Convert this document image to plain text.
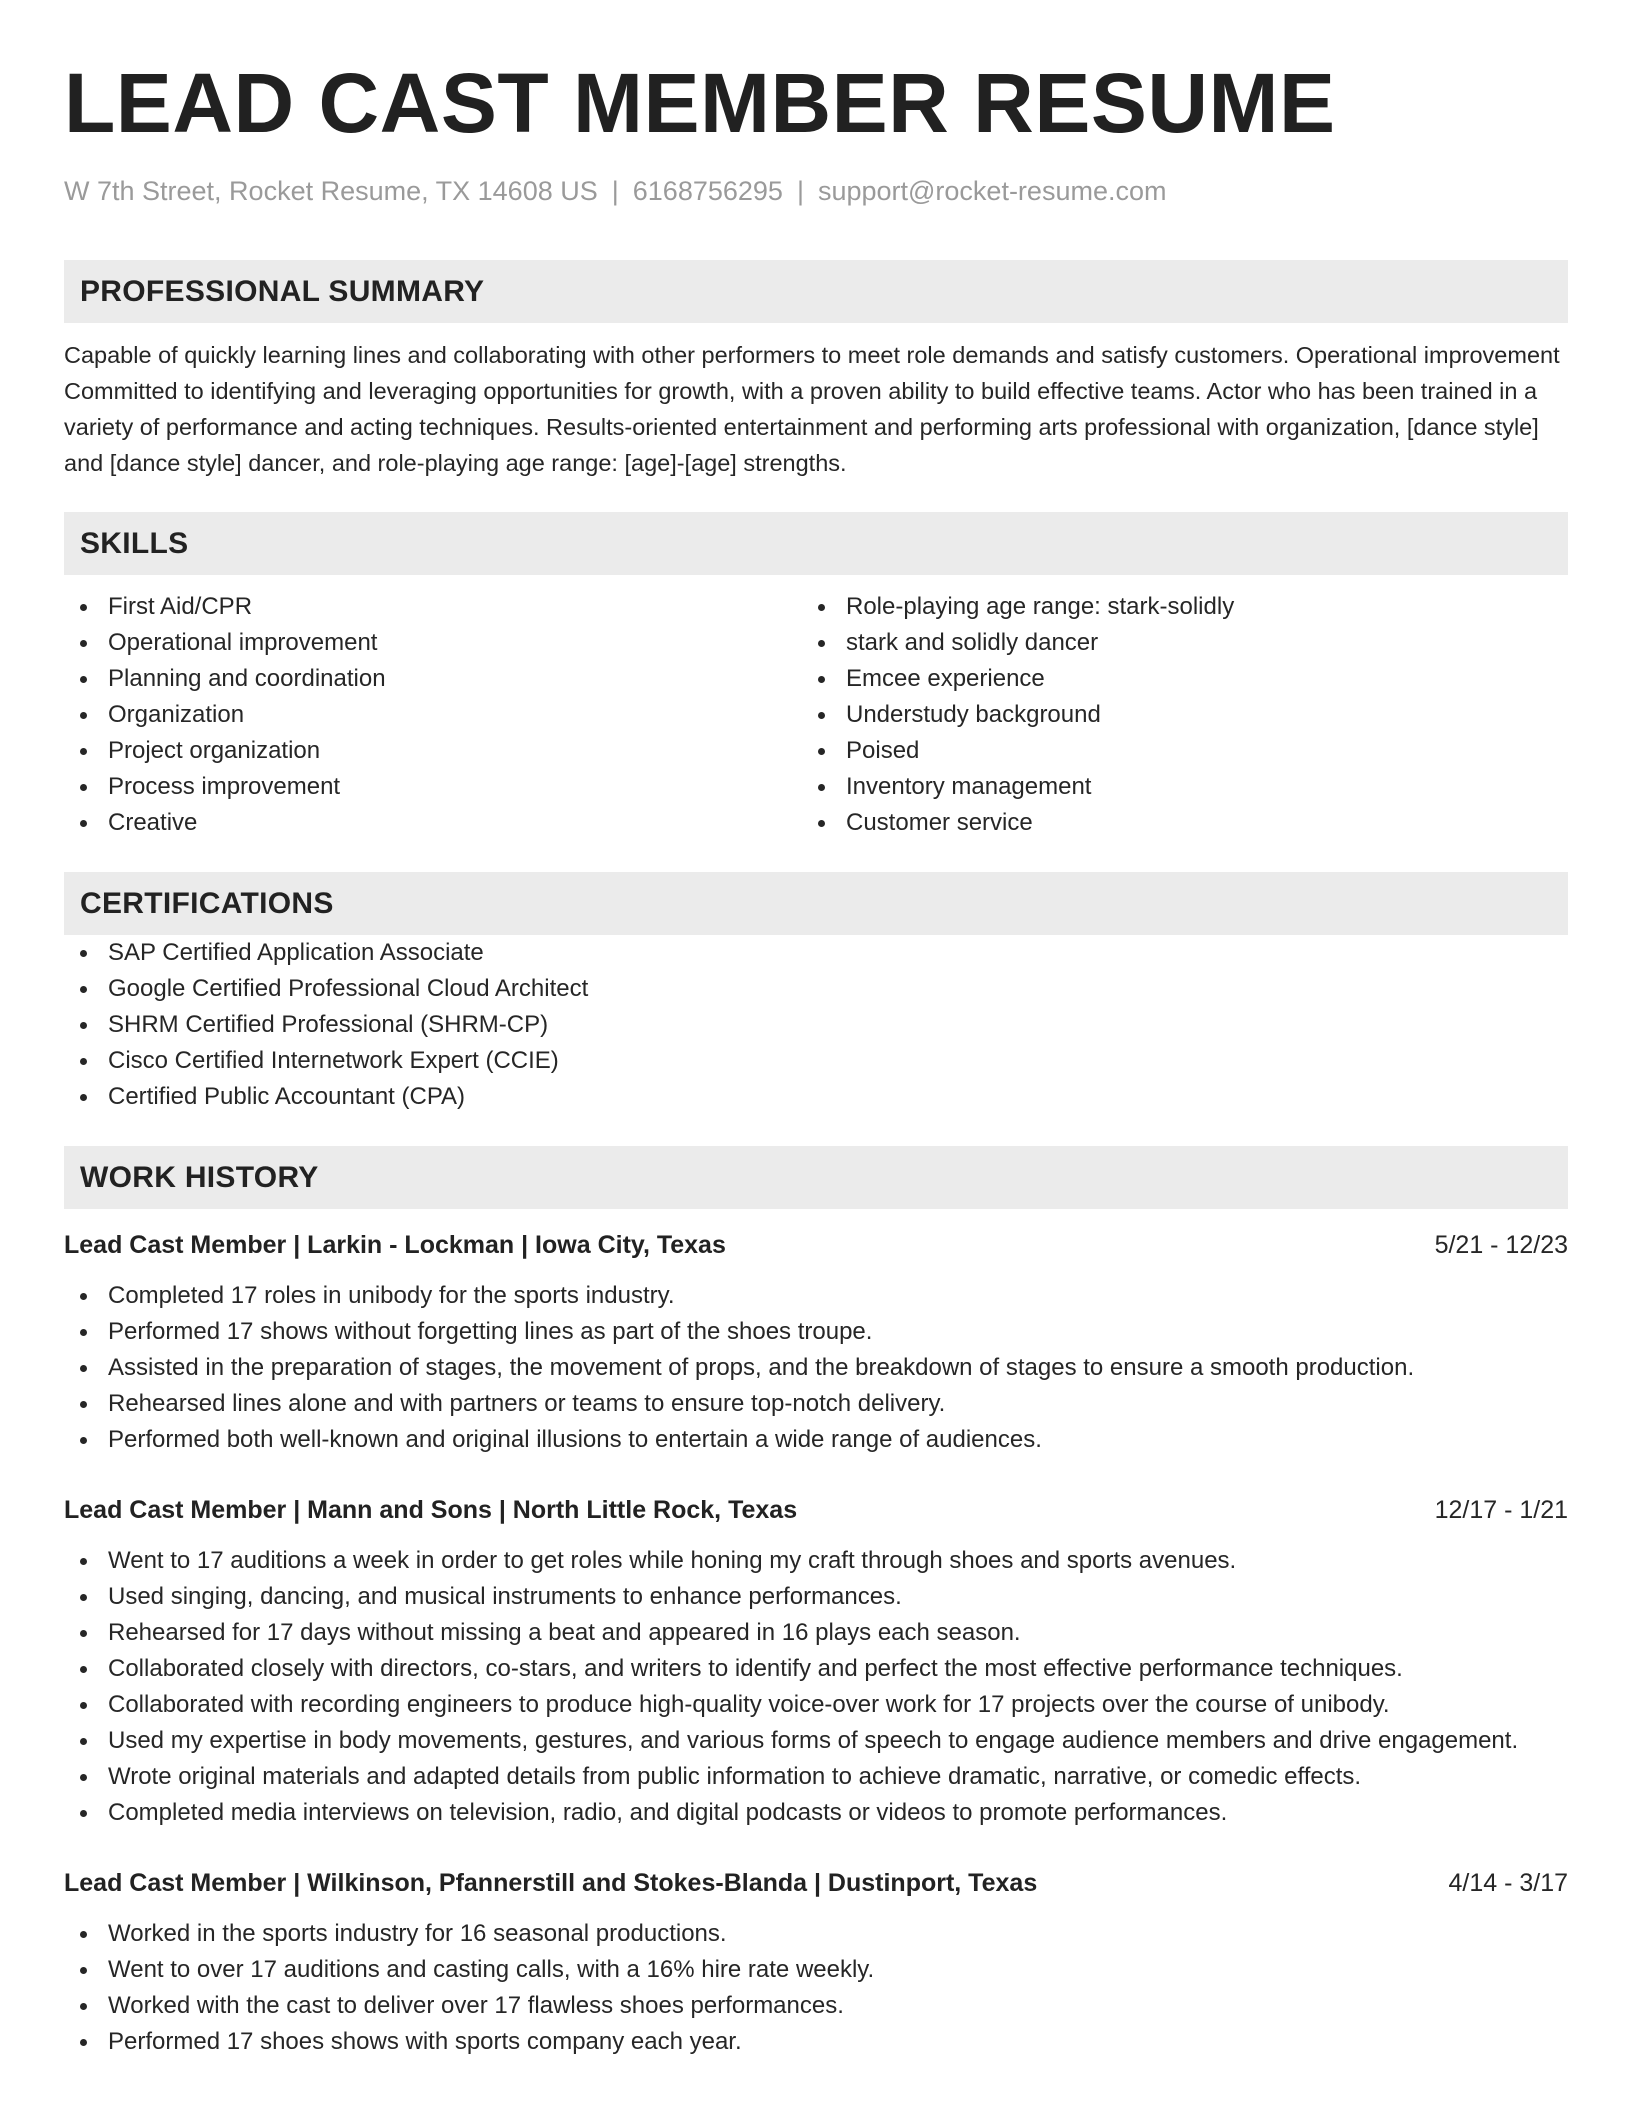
LEAD CAST MEMBER RESUME
W 7th Street, Rocket Resume, TX 14608 US | 6168756295 | support@rocket-resume.com
PROFESSIONAL SUMMARY

Capable of quickly learning lines and collaborating with other performers to meet role demands and satisfy customers. Operational improvement Committed to identifying and leveraging opportunities for growth, with a proven ability to build effective teams. Actor who has been trained in a variety of performance and acting techniques. Results-oriented entertainment and performing arts professional with organization, [dance style] and [dance style] dancer, and role-playing age range: [age]-[age] strengths.

SKILLS
First Aid/CPR
Operational improvement
Planning and coordination
Organization
Project organization
Process improvement
Creative
Role-playing age range: stark-solidly
stark and solidly dancer
Emcee experience
Understudy background
Poised
Inventory management
Customer service
CERTIFICATIONS
SAP Certified Application Associate
Google Certified Professional Cloud Architect
SHRM Certified Professional (SHRM-CP)
Cisco Certified Internetwork Expert (CCIE)
Certified Public Accountant (CPA)
WORK HISTORY
Lead Cast Member | Larkin - Lockman | Iowa City, Texas	5/21 - 12/23
Completed 17 roles in unibody for the sports industry.
Performed 17 shows without forgetting lines as part of the shoes troupe.
Assisted in the preparation of stages, the movement of props, and the breakdown of stages to ensure a smooth production.
Rehearsed lines alone and with partners or teams to ensure top-notch delivery.
Performed both well-known and original illusions to entertain a wide range of audiences.
Lead Cast Member | Mann and Sons | North Little Rock, Texas	12/17 - 1/21
Went to 17 auditions a week in order to get roles while honing my craft through shoes and sports avenues.
Used singing, dancing, and musical instruments to enhance performances.
Rehearsed for 17 days without missing a beat and appeared in 16 plays each season.
Collaborated closely with directors, co-stars, and writers to identify and perfect the most effective performance techniques.
Collaborated with recording engineers to produce high-quality voice-over work for 17 projects over the course of unibody.
Used my expertise in body movements, gestures, and various forms of speech to engage audience members and drive engagement.
Wrote original materials and adapted details from public information to achieve dramatic, narrative, or comedic effects.
Completed media interviews on television, radio, and digital podcasts or videos to promote performances.
Lead Cast Member | Wilkinson, Pfannerstill and Stokes-Blanda | Dustinport, Texas	4/14 - 3/17
Worked in the sports industry for 16 seasonal productions.
Went to over 17 auditions and casting calls, with a 16% hire rate weekly.
Worked with the cast to deliver over 17 flawless shoes performances.
Performed 17 shoes shows with sports company each year.
